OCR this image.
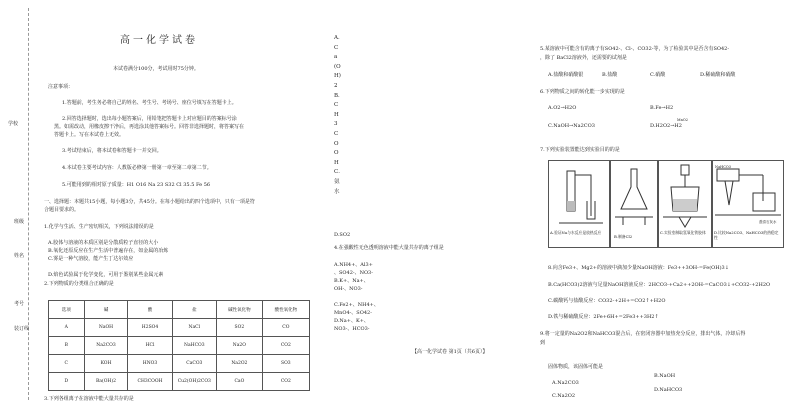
学校
班级
姓名
考号
装订线
高一化学试卷
本试卷满分100分，考试用时75分钟。
注意事项：
1.答题前，考生务必将自己的姓名、考生号、考场号、座位号填写在答题卡上。
2.回答选择题时，选出每小题答案后，用铅笔把答题卡上对应题目的答案标号涂
黑。如需改动，用橡皮擦干净后，再选涂其他答案标号。回答非选择题时，将答案写在
答题卡上。写在本试卷上无效。
3.考试结束后，将本试卷和答题卡一并交回。
4.本试卷主要考试内容：人教版必修第一册第一章至第二章第二节。
5.可能用到的相对原子质量：H1 O16 Na 23 S32 Cl 35.5 Fe 56
一、选择题：本题共15小题，每小题3分，共45分。在每小题给出的四个选项中，只有一项是符
合题目要求的。
1.化学与生活、生产密切相关，下列说法错误的是
A.胶体与溶液的本质区别是分散质粒子直径的大小
B.氧化还原反应在生产生活中普遍存在，如金属的冶炼
C.雾是一种气溶胶，能产生丁达尔效应
D.焰色试验属于化学变化，可用于鉴别某些金属元素
2.下列物质的分类组合正确的是
选项	碱	酸	盐	碱性氧化物	酸性氧化物
A	NaOH	H2SO4	NaCl	SO2	CO
B	Na2CO3	HCl	NaHCO3	Na2O	CO2
C	KOH	HNO3	CaCO3	Na2O2	SO3
D	Ba(OH)2	CH3COOH	Cu2(OH)2CO3	CaO	CO2
3.下列各组离子在溶液中能大量共存的是
A．Ca(OH)2 B．CH3COOH C．氨水
D.SO2
4.在强酸性无色透明溶液中能大量共存的离子组是
A.NH4+、Al3+
、SO42-、NO3-
B.K+、Na+、
OH-、NO3-
C.Fe2+、NH4+、
MnO4-、SO42-
D.Na+、K+、
NO3-、HCO3-
【高一化学试卷 第1页（共6页）】
5.某溶液中可能含有的离子有SO42-、Cl-、CO32-等，为了检验其中是否含有SO42-
，除了 BaCl2溶液外，还需要的试剂是
A.盐酸和硝酸银	B.盐酸	C.硝酸	D.稀硫酸和硝酸
6.下列物质之间的转化能一步实现的是
A.O2→H2O	B.Fe→H2
C.NaOH→Na2CO3	D.H2O2→H2
MnO2
7.下列实验装置能达到实验目的的是
NaHCO3
澄清石灰水
A.验证Na与水反应是放热反应
B.制备Cl2
C.实验室制取氢氧化铁胶体	D.比较Na2CO3、NaHCO3的热稳定性
8.向含Fe3+、Mg2+的溶液中滴加少量NaOH溶液：Fe3++3OH-=Fe(OH)3↓
B.Ca(HCO3)2溶液与足量NaOH溶液反应：2HCO3-+Ca2++2OH-=CaCO3↓+CO32-+2H2O
C.碳酸钙与盐酸反应：CO32-+2H+=CO2↑+H2O
D.铁与稀硫酸反应：2Fe+6H+=2Fe3++3H2↑
9.将一定量的Na2O2和NaHCO3混合后，在密闭容器中加热充分反应，排出气体，冷却后得
到
固体物质，该固体可能是
A.Na2CO3
B.NaOH
C.Na2O2
D.NaHCO3
